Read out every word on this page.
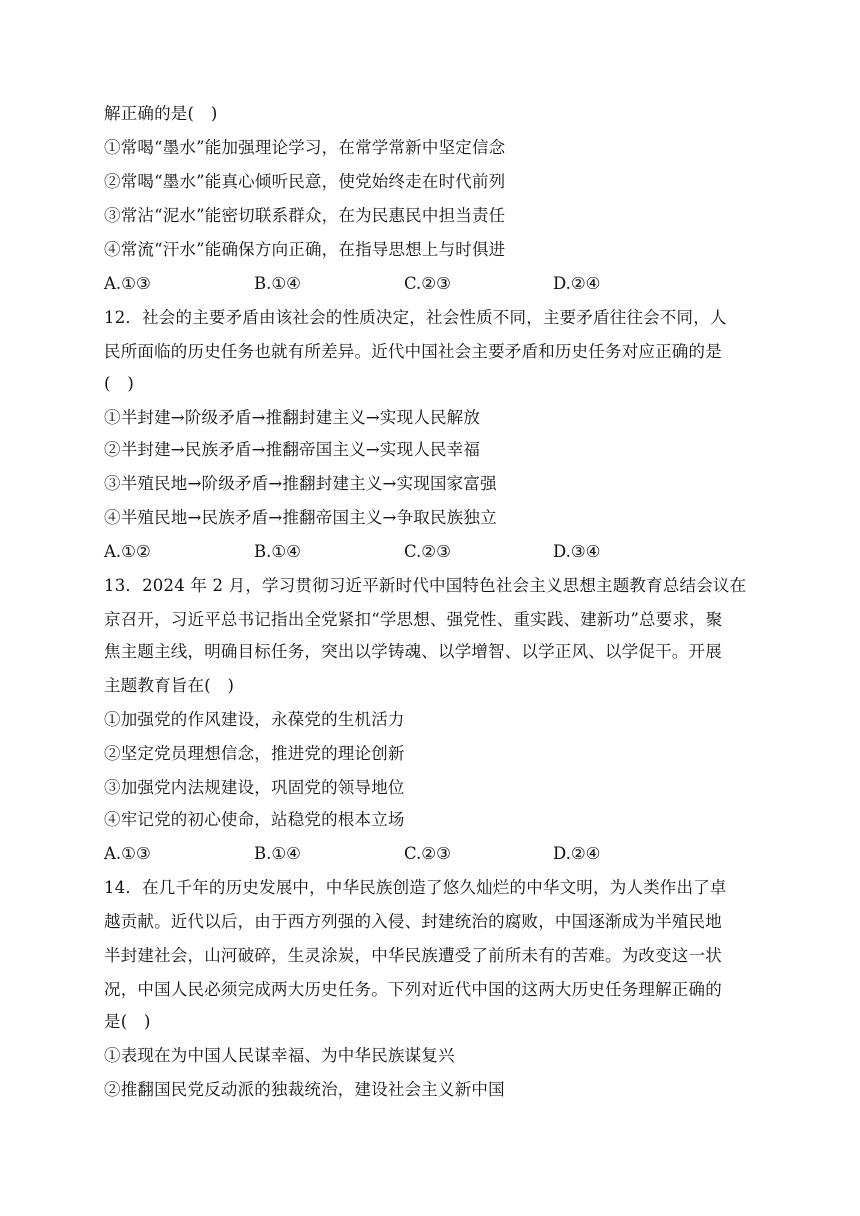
解正确的是(　)
①常喝“墨水”能加强理论学习，在常学常新中坚定信念
②常喝“墨水”能真心倾听民意，使党始终走在时代前列
③常沾“泥水”能密切联系群众，在为民惠民中担当责任
④常流“汗水”能确保方向正确，在指导思想上与时俱进
A.①③	B.①④	C.②③	D.②④
12．社会的主要矛盾由该社会的性质决定，社会性质不同，主要矛盾往往会不同，人
民所面临的历史任务也就有所差异。近代中国社会主要矛盾和历史任务对应正确的是
(　)
①半封建→阶级矛盾→推翻封建主义→实现人民解放
②半封建→民族矛盾→推翻帝国主义→实现人民幸福
③半殖民地→阶级矛盾→推翻封建主义→实现国家富强
④半殖民地→民族矛盾→推翻帝国主义→争取民族独立
A.①②	B.①④	C.②③	D.③④
13．2024 年 2 月，学习贯彻习近平新时代中国特色社会主义思想主题教育总结会议在
京召开，习近平总书记指出全党紧扣“学思想、强党性、重实践、建新功”总要求，聚
焦主题主线，明确目标任务，突出以学铸魂、以学增智、以学正风、以学促干。开展
主题教育旨在(　)
①加强党的作风建设，永葆党的生机活力
②坚定党员理想信念，推进党的理论创新
③加强党内法规建设，巩固党的领导地位
④牢记党的初心使命，站稳党的根本立场
A.①③	B.①④	C.②③	D.②④
14．在几千年的历史发展中，中华民族创造了悠久灿烂的中华文明，为人类作出了卓
越贡献。近代以后，由于西方列强的入侵、封建统治的腐败，中国逐渐成为半殖民地
半封建社会，山河破碎，生灵涂炭，中华民族遭受了前所未有的苦难。为改变这一状
况，中国人民必须完成两大历史任务。下列对近代中国的这两大历史任务理解正确的
是(　)
①表现在为中国人民谋幸福、为中华民族谋复兴
②推翻国民党反动派的独裁统治，建设社会主义新中国
